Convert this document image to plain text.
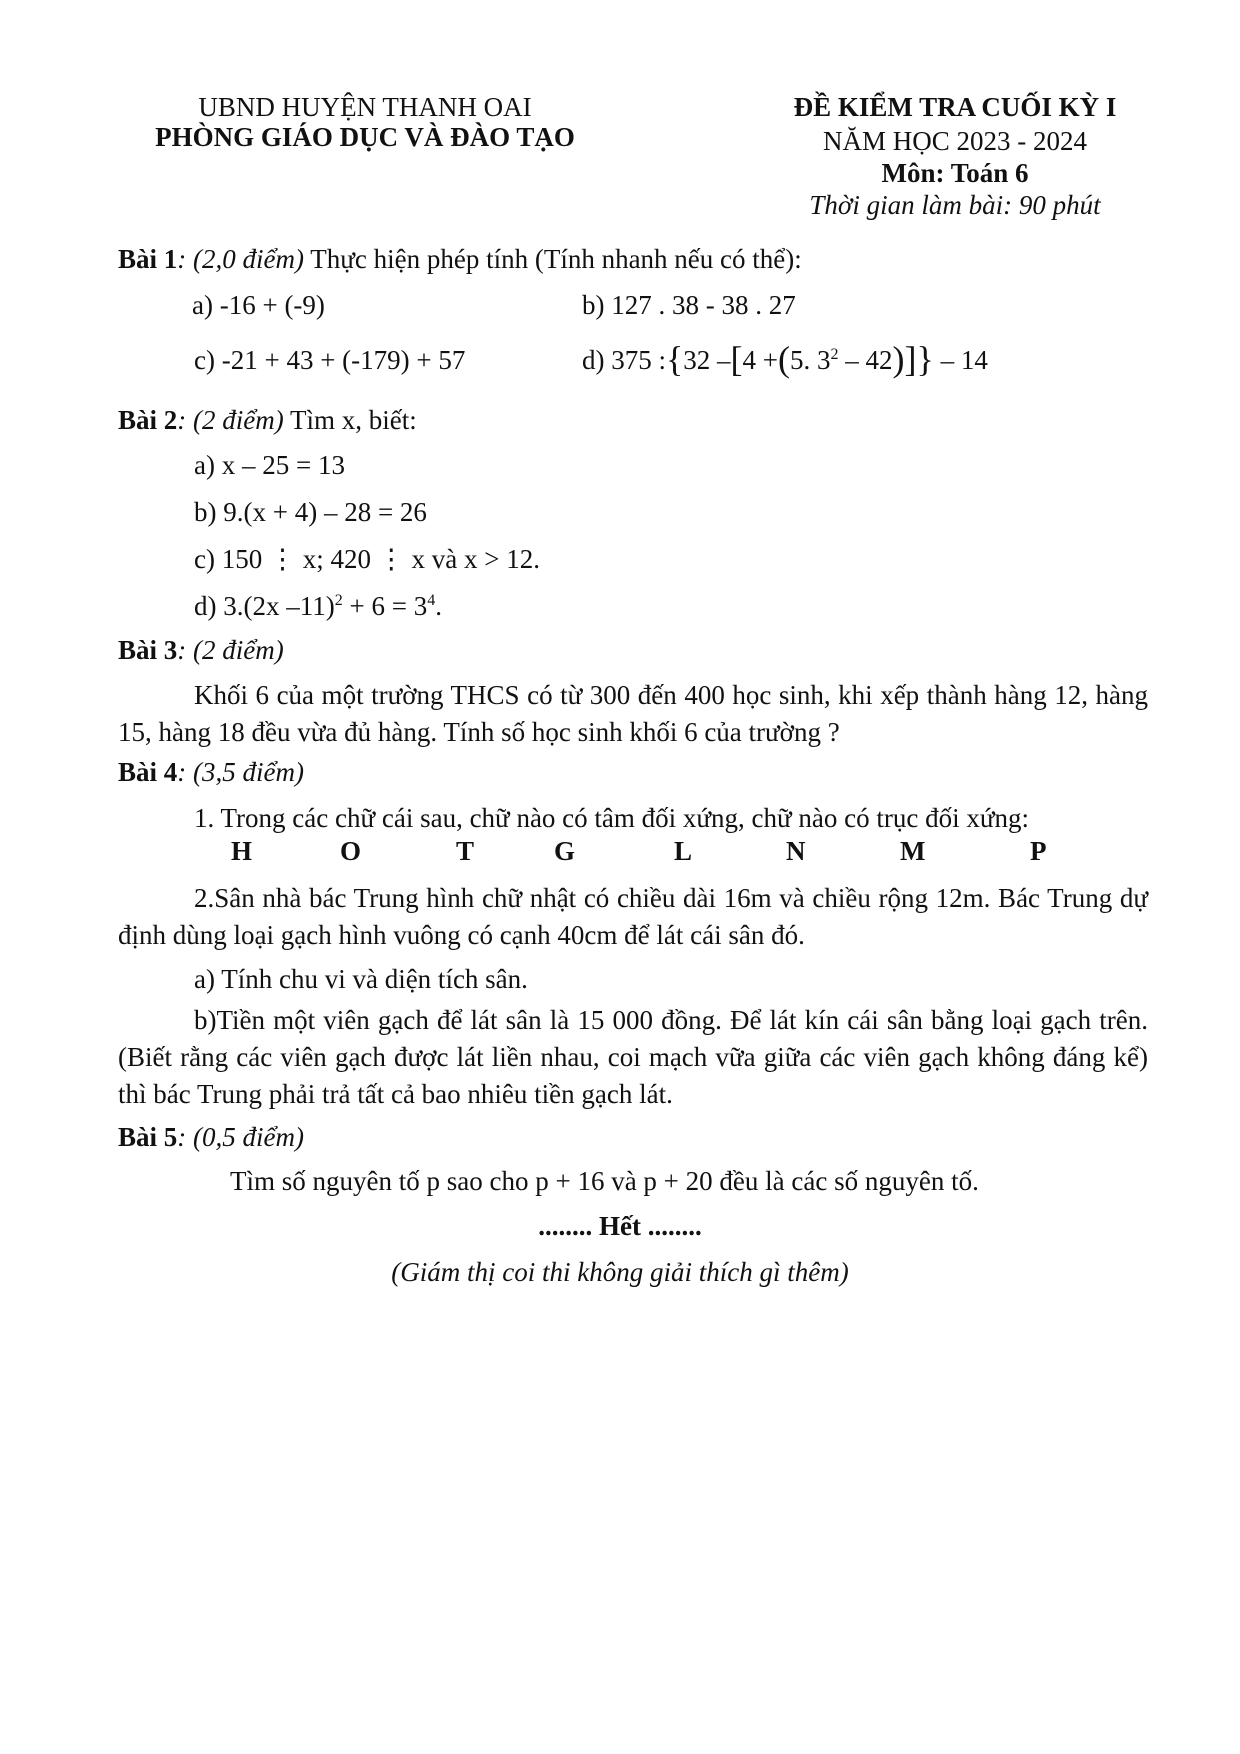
UBND HUYỆN THANH OAI
PHÒNG GIÁO DỤC VÀ ĐÀO TẠO
ĐỀ KIỂM TRA CUỐI KỲ I
NĂM HỌC 2023 - 2024
Môn: Toán 6
Thời gian làm bài: 90 phút
Bài 1: (2,0 điểm) Thực hiện phép tính (Tính nhanh nếu có thể):
a) -16 + (-9)	b) 127 . 38 - 38 . 27
c) -21 + 43 + (-179) + 57	d) 375 :{32 –[4 +(5. $3^2 - 42)]\} - 14$
Bài 2: (2 điểm) Tìm x, biết:
a) x – 25 = 13
b) 9.(x + 4) – 28 = 26
c) 150 ⋮ x; 420 ⋮ x và x > 12.
d) 3.(2x $-11)^2 + 6 = 3^4$.
Bài 3: (2 điểm)
Khối 6 của một trường THCS có từ 300 đến 400 học sinh, khi xếp thành hàng 12, hàng 15, hàng 18 đều vừa đủ hàng. Tính số học sinh khối 6 của trường ?
Bài 4: (3,5 điểm)
1. Trong các chữ cái sau, chữ nào có tâm đối xứng, chữ nào có trục đối xứng:
H	O	T	G	L	N	M	P
2.Sân nhà bác Trung hình chữ nhật có chiều dài 16m và chiều rộng 12m. Bác Trung dự định dùng loại gạch hình vuông có cạnh 40cm để lát cái sân đó.
a) Tính chu vi và diện tích sân.
b)Tiền một viên gạch để lát sân là 15 000 đồng. Để lát kín cái sân bằng loại gạch trên. (Biết rằng các viên gạch được lát liền nhau, coi mạch vữa giữa các viên gạch không đáng kể) thì bác Trung phải trả tất cả bao nhiêu tiền gạch lát.
Bài 5: (0,5 điểm)
Tìm số nguyên tố p sao cho p + 16 và p + 20 đều là các số nguyên tố.
........ Hết ........
(Giám thị coi thi không giải thích gì thêm)
